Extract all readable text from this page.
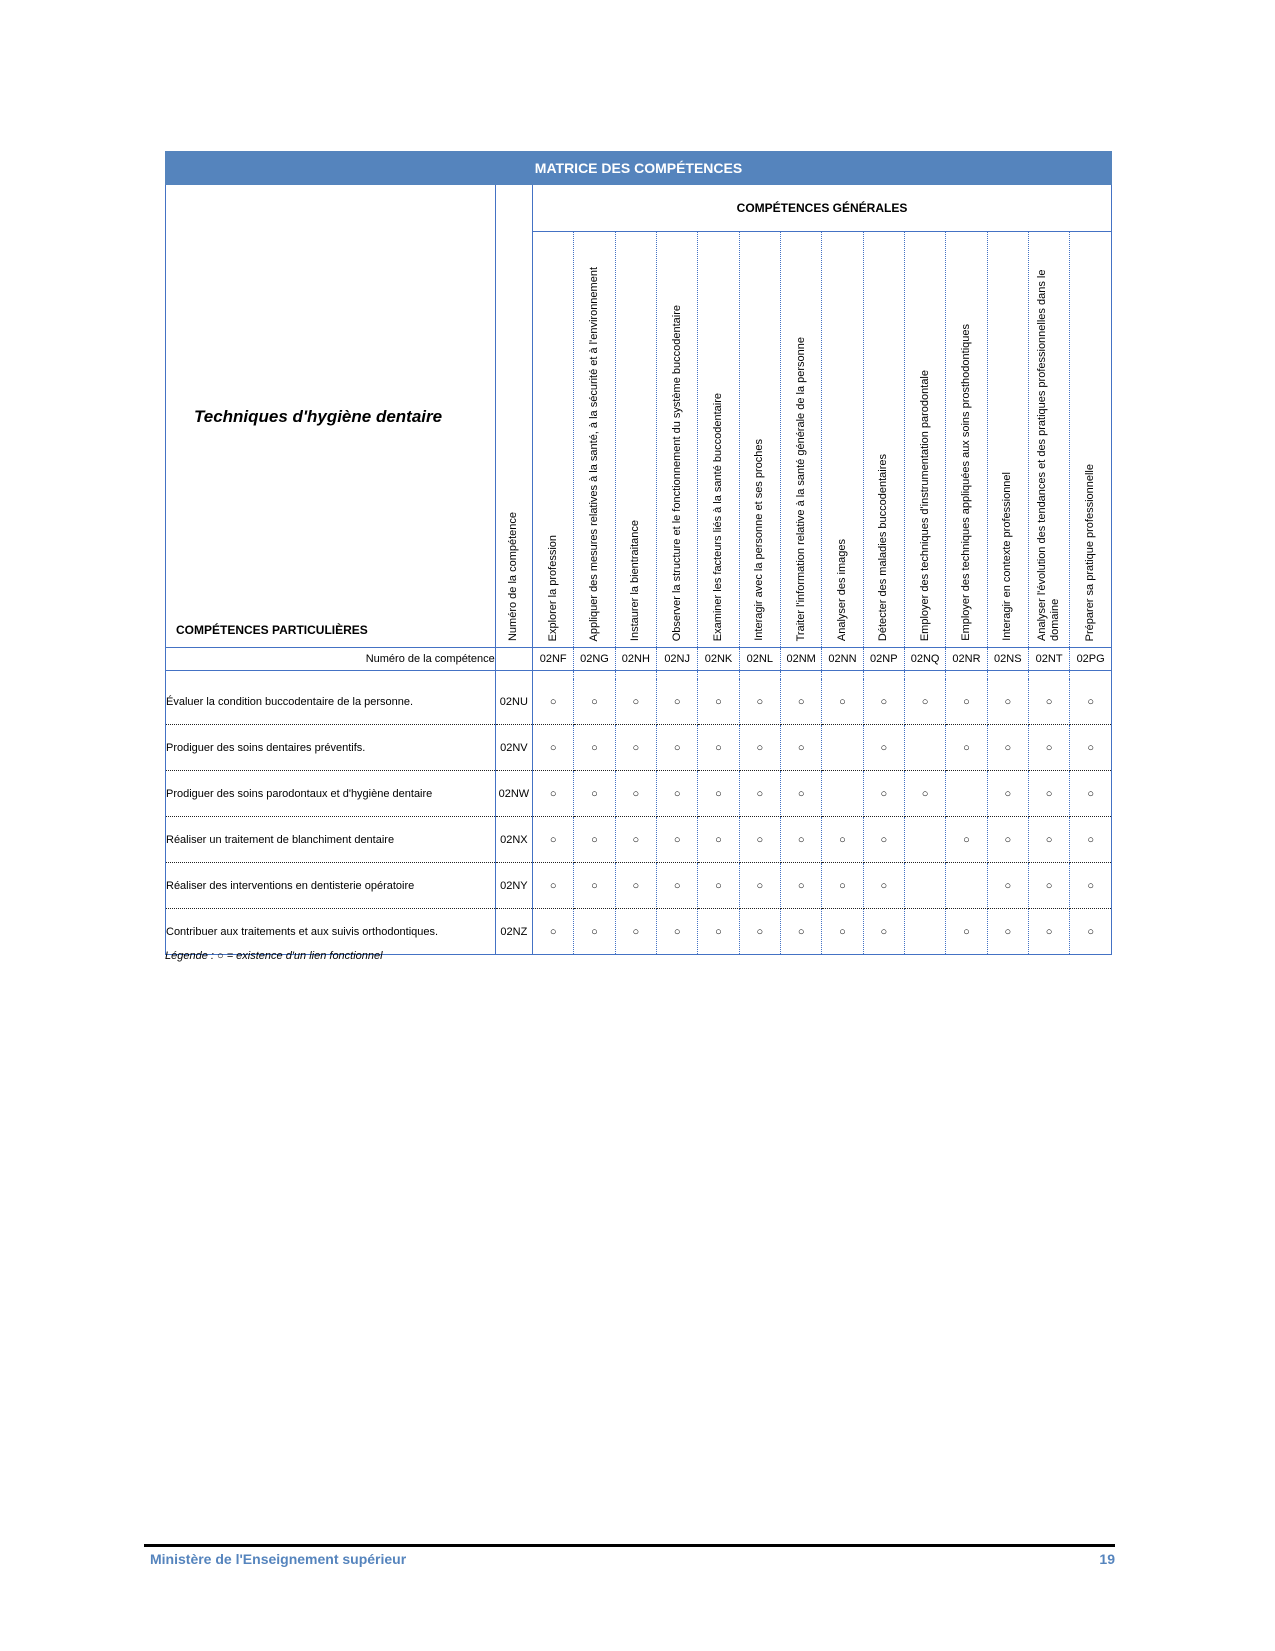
MATRICE DES COMPÉTENCES															

Techniques d'hygiène dentaire
COMPÉTENCES PARTICULIÈRES	Numéro de la compétence	COMPÉTENCES GÉNÉRALES													

		Explorer la profession	Appliquer des mesures relatives à la santé, à la sécurité et à l'environnement	Instaurer la bientraitance	Observer la structure et le fonctionnement du système buccodentaire	Examiner les facteurs liés à la santé buccodentaire	Interagir avec la personne et ses proches	Traiter l'information relative à la santé générale de la personne	Analyser des images	Détecter des maladies buccodentaires	Employer des techniques d'instrumentation parodontale	Employer des techniques appliquées aux soins prosthodontiques	Interagir en contexte professionnel	Analyser l'évolution des tendances et des pratiques professionnelles dans le domaine	Préparer sa pratique professionnelle

Numéro de la compétence		02NF	02NG	02NH	02NJ	02NK	02NL	02NM	02NN	02NP	02NQ	02NR	02NS	02NT	02PG

Évaluer la condition buccodentaire de la personne.	02NU	○	○	○	○	○	○	○	○	○	○	○	○	○	○
Prodiguer des soins dentaires préventifs.	02NV	○	○	○	○	○	○	○		○		○	○	○	○
Prodiguer des soins parodontaux et d'hygiène dentaire	02NW	○	○	○	○	○	○	○		○	○		○	○	○
Réaliser un traitement de blanchiment dentaire	02NX	○	○	○	○	○	○	○	○	○		○	○	○	○
Réaliser des interventions en dentisterie opératoire	02NY	○	○	○	○	○	○	○	○	○			○	○	○
Contribuer aux traitements et aux suivis orthodontiques.	02NZ	○	○	○	○	○	○	○	○	○		○	○	○	○
Légende : ○ = existence d'un lien fonctionnel
Ministère de l'Enseignement supérieur	19
